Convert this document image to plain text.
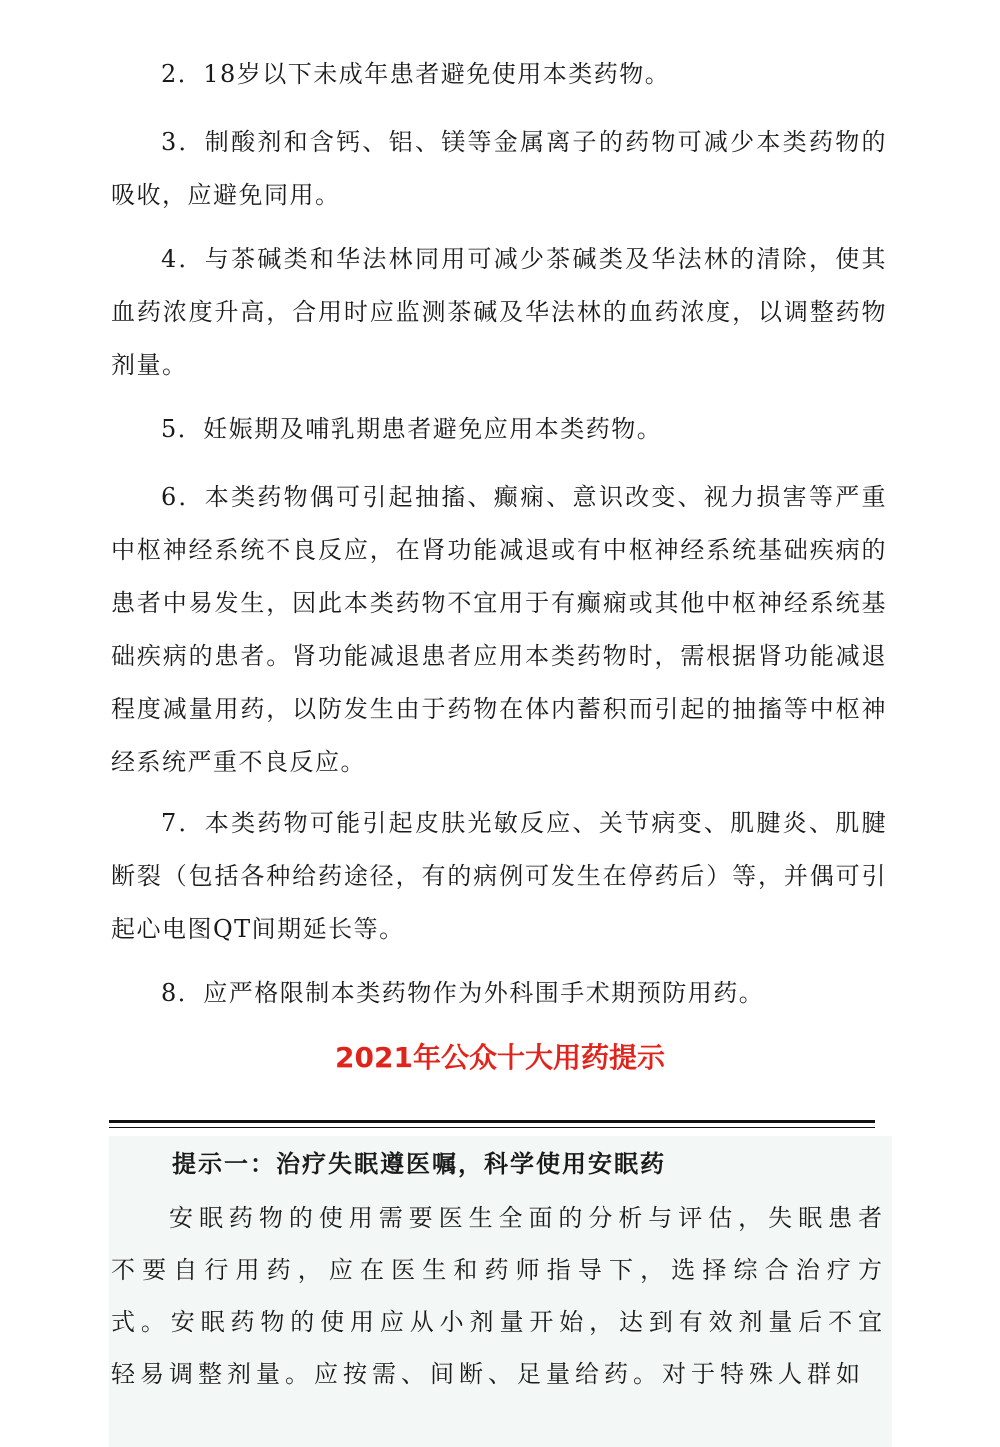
2．18岁以下未成年患者避免使用本类药物。

3．制酸剂和含钙、铝、镁等金属离子的药物可减少本类药物的吸收，应避免同用。

4．与茶碱类和华法林同用可减少茶碱类及华法林的清除，使其血药浓度升高，合用时应监测茶碱及华法林的血药浓度，以调整药物剂量。

5．妊娠期及哺乳期患者避免应用本类药物。

6．本类药物偶可引起抽搐、癫痫、意识改变、视力损害等严重中枢神经系统不良反应，在肾功能减退或有中枢神经系统基础疾病的患者中易发生，因此本类药物不宜用于有癫痫或其他中枢神经系统基础疾病的患者。肾功能减退患者应用本类药物时，需根据肾功能减退程度减量用药，以防发生由于药物在体内蓄积而引起的抽搐等中枢神经系统严重不良反应。

7．本类药物可能引起皮肤光敏反应、关节病变、肌腱炎、肌腱断裂（包括各种给药途径，有的病例可发生在停药后）等，并偶可引起心电图QT间期延长等。

8．应严格限制本类药物作为外科围手术期预防用药。

2021年公众十大用药提示

提示一：治疗失眠遵医嘱，科学使用安眠药

安眠药物的使用需要医生全面的分析与评估，失眠患者不要自行用药，应在医生和药师指导下，选择综合治疗方式。安眠药物的使用应从小剂量开始，达到有效剂量后不宜轻易调整剂量。应按需、间断、足量给药。对于特殊人群如
